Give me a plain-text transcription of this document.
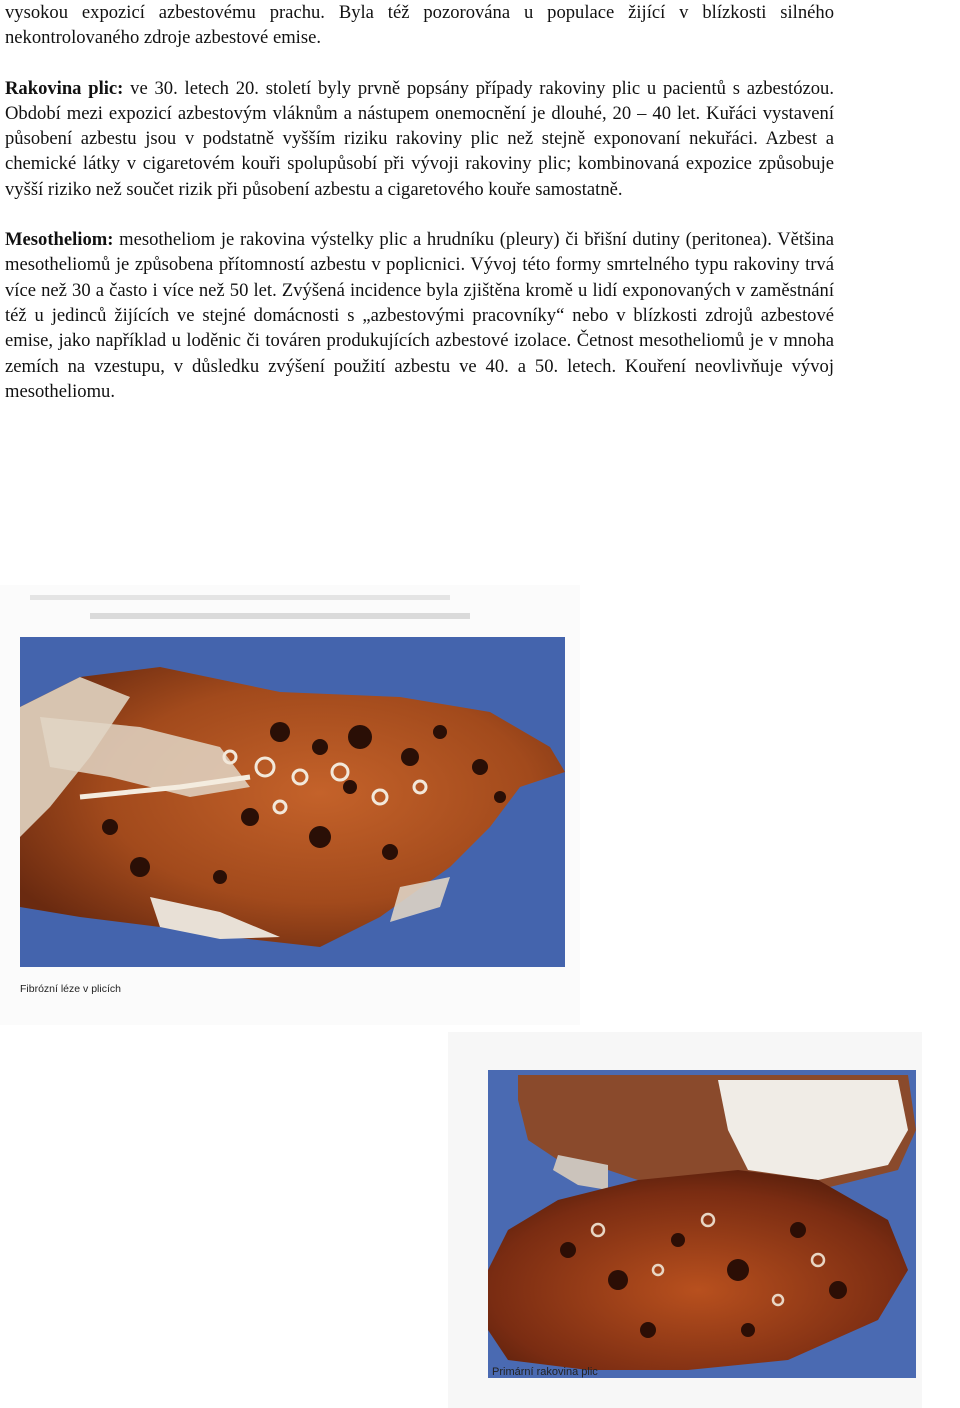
vysokou expozicí azbestovému prachu. Byla též pozorována u populace žijící v blízkosti silného nekontrolovaného zdroje azbestové emise.

Rakovina plic: ve 30. letech 20. století byly prvně popsány případy rakoviny plic u pacientů s azbestózou. Období mezi expozicí azbestovým vláknům a nástupem onemocnění je dlouhé, 20 – 40 let. Kuřáci vystavení působení azbestu jsou v podstatně vyšším riziku rakoviny plic než stejně exponovaní nekuřáci. Azbest a chemické látky v cigaretovém kouři spolupůsobí při vývoji rakoviny plic; kombinovaná expozice způsobuje vyšší riziko než součet rizik při působení azbestu a cigaretového kouře samostatně.

Mesotheliom: mesotheliom je rakovina výstelky plic a hrudníku (pleury) či břišní dutiny (peritonea). Většina mesotheliomů je způsobena přítomností azbestu v poplicnici. Vývoj této formy smrtelného typu rakoviny trvá více než 30 a často i více než 50 let. Zvýšená incidence byla zjištěna kromě u lidí exponovaných v zaměstnání též u jedinců žijících ve stejné domácnosti s „azbestovými pracovníky“ nebo v blízkosti zdrojů azbestové emise, jako například u loděnic či továren produkujících azbestové izolace. Četnost mesotheliomů je v mnoha zemích na vzestupu, v důsledku zvýšení použití azbestu ve 40. a 50. letech. Kouření neovlivňuje vývoj mesotheliomu.

Fibrózní léze v plicích
Primární rakovina plic
